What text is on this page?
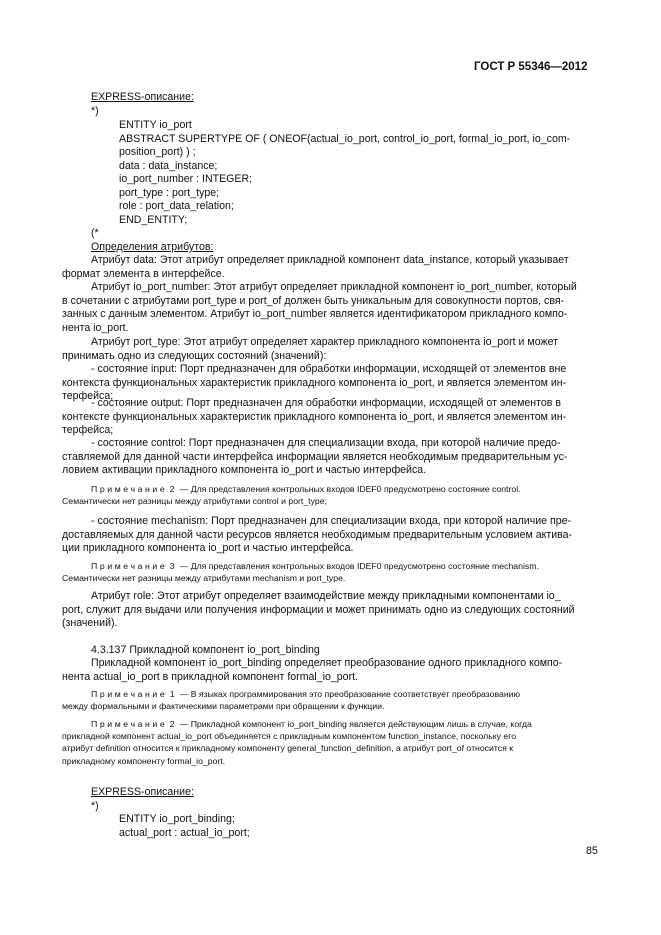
ГОСТ Р 55346—2012
EXPRESS-описание:
*)
ENTITY io_port
ABSTRACT SUPERTYPE OF ( ONEOF(actual_io_port, control_io_port, formal_io_port, io_com-
position_port) ) ;
data : data_instance;
io_port_number : INTEGER;
port_type : port_type;
role : port_data_relation;
END_ENTITY;
(*
Определения атрибутов:
Атрибут data: Этот атрибут определяет прикладной компонент data_instance, который указывает
формат элемента в интерфейсе.
Атрибут io_port_number: Этот атрибут определяет прикладной компонент io_port_number, который
в сочетании с атрибутами port_type и port_of должен быть уникальным для совокупности портов, свя-
занных с данным элементом. Атрибут io_port_number является идентификатором прикладного компо-
нента io_port.
Атрибут port_type: Этот атрибут определяет характер прикладного компонента io_port и может
принимать одно из следующих состояний (значений):
- состояние input: Порт предназначен для обработки информации, исходящей от элементов вне
контекста функциональных характеристик прикладного компонента io_port, и является элементом ин-
терфейса;
- состояние output: Порт предназначен для обработки информации, исходящей от элементов в
контексте функциональных характеристик прикладного компонента io_port, и является элементом ин-
терфейса;
- состояние control: Порт предназначен для специализации входа, при которой наличие предо-
ставляемой для данной части интерфейса информации является необходимым предварительным ус-
ловием активации прикладного компонента io_port и частью интерфейса.
Примечание 2 — Для представления контрольных входов IDEF0 предусмотрено состояние control.
Семантически нет разницы между атрибутами control и port_type;
- состояние mechanism: Порт предназначен для специализации входа, при которой наличие пре-
доставляемых для данной части ресурсов является необходимым предварительным условием актива-
ции прикладного компонента io_port и частью интерфейса.
Примечание 3 — Для представления контрольных входов IDEF0 предусмотрено состояние mechanism.
Семантически нет разницы между атрибутами mechanism и port_type.
Атрибут role: Этот атрибут определяет взаимодействие между прикладными компонентами io_
port, служит для выдачи или получения информации и может принимать одно из следующих состояний
(значений).
4.3.137 Прикладной компонент io_port_binding
Прикладной компонент io_port_binding определяет преобразование одного прикладного компо-
нента actual_io_port в прикладной компонент formal_io_port.
Примечание 1 — В языках программирования это преобразование соответствует преобразованию
между формальными и фактическими параметрами при обращении к функции.
Примечание 2 — Прикладной компонент io_port_binding является действующим лишь в случае, когда
прикладной компонент actual_io_port объединяется с прикладным компонентом function_instance, поскольку его
атрибут definition относится к прикладному компоненту general_function_definition, а атрибут port_of относится к
прикладному компоненту formal_io_port.
EXPRESS-описание:
*)
ENTITY io_port_binding;
actual_port : actual_io_port;
85
